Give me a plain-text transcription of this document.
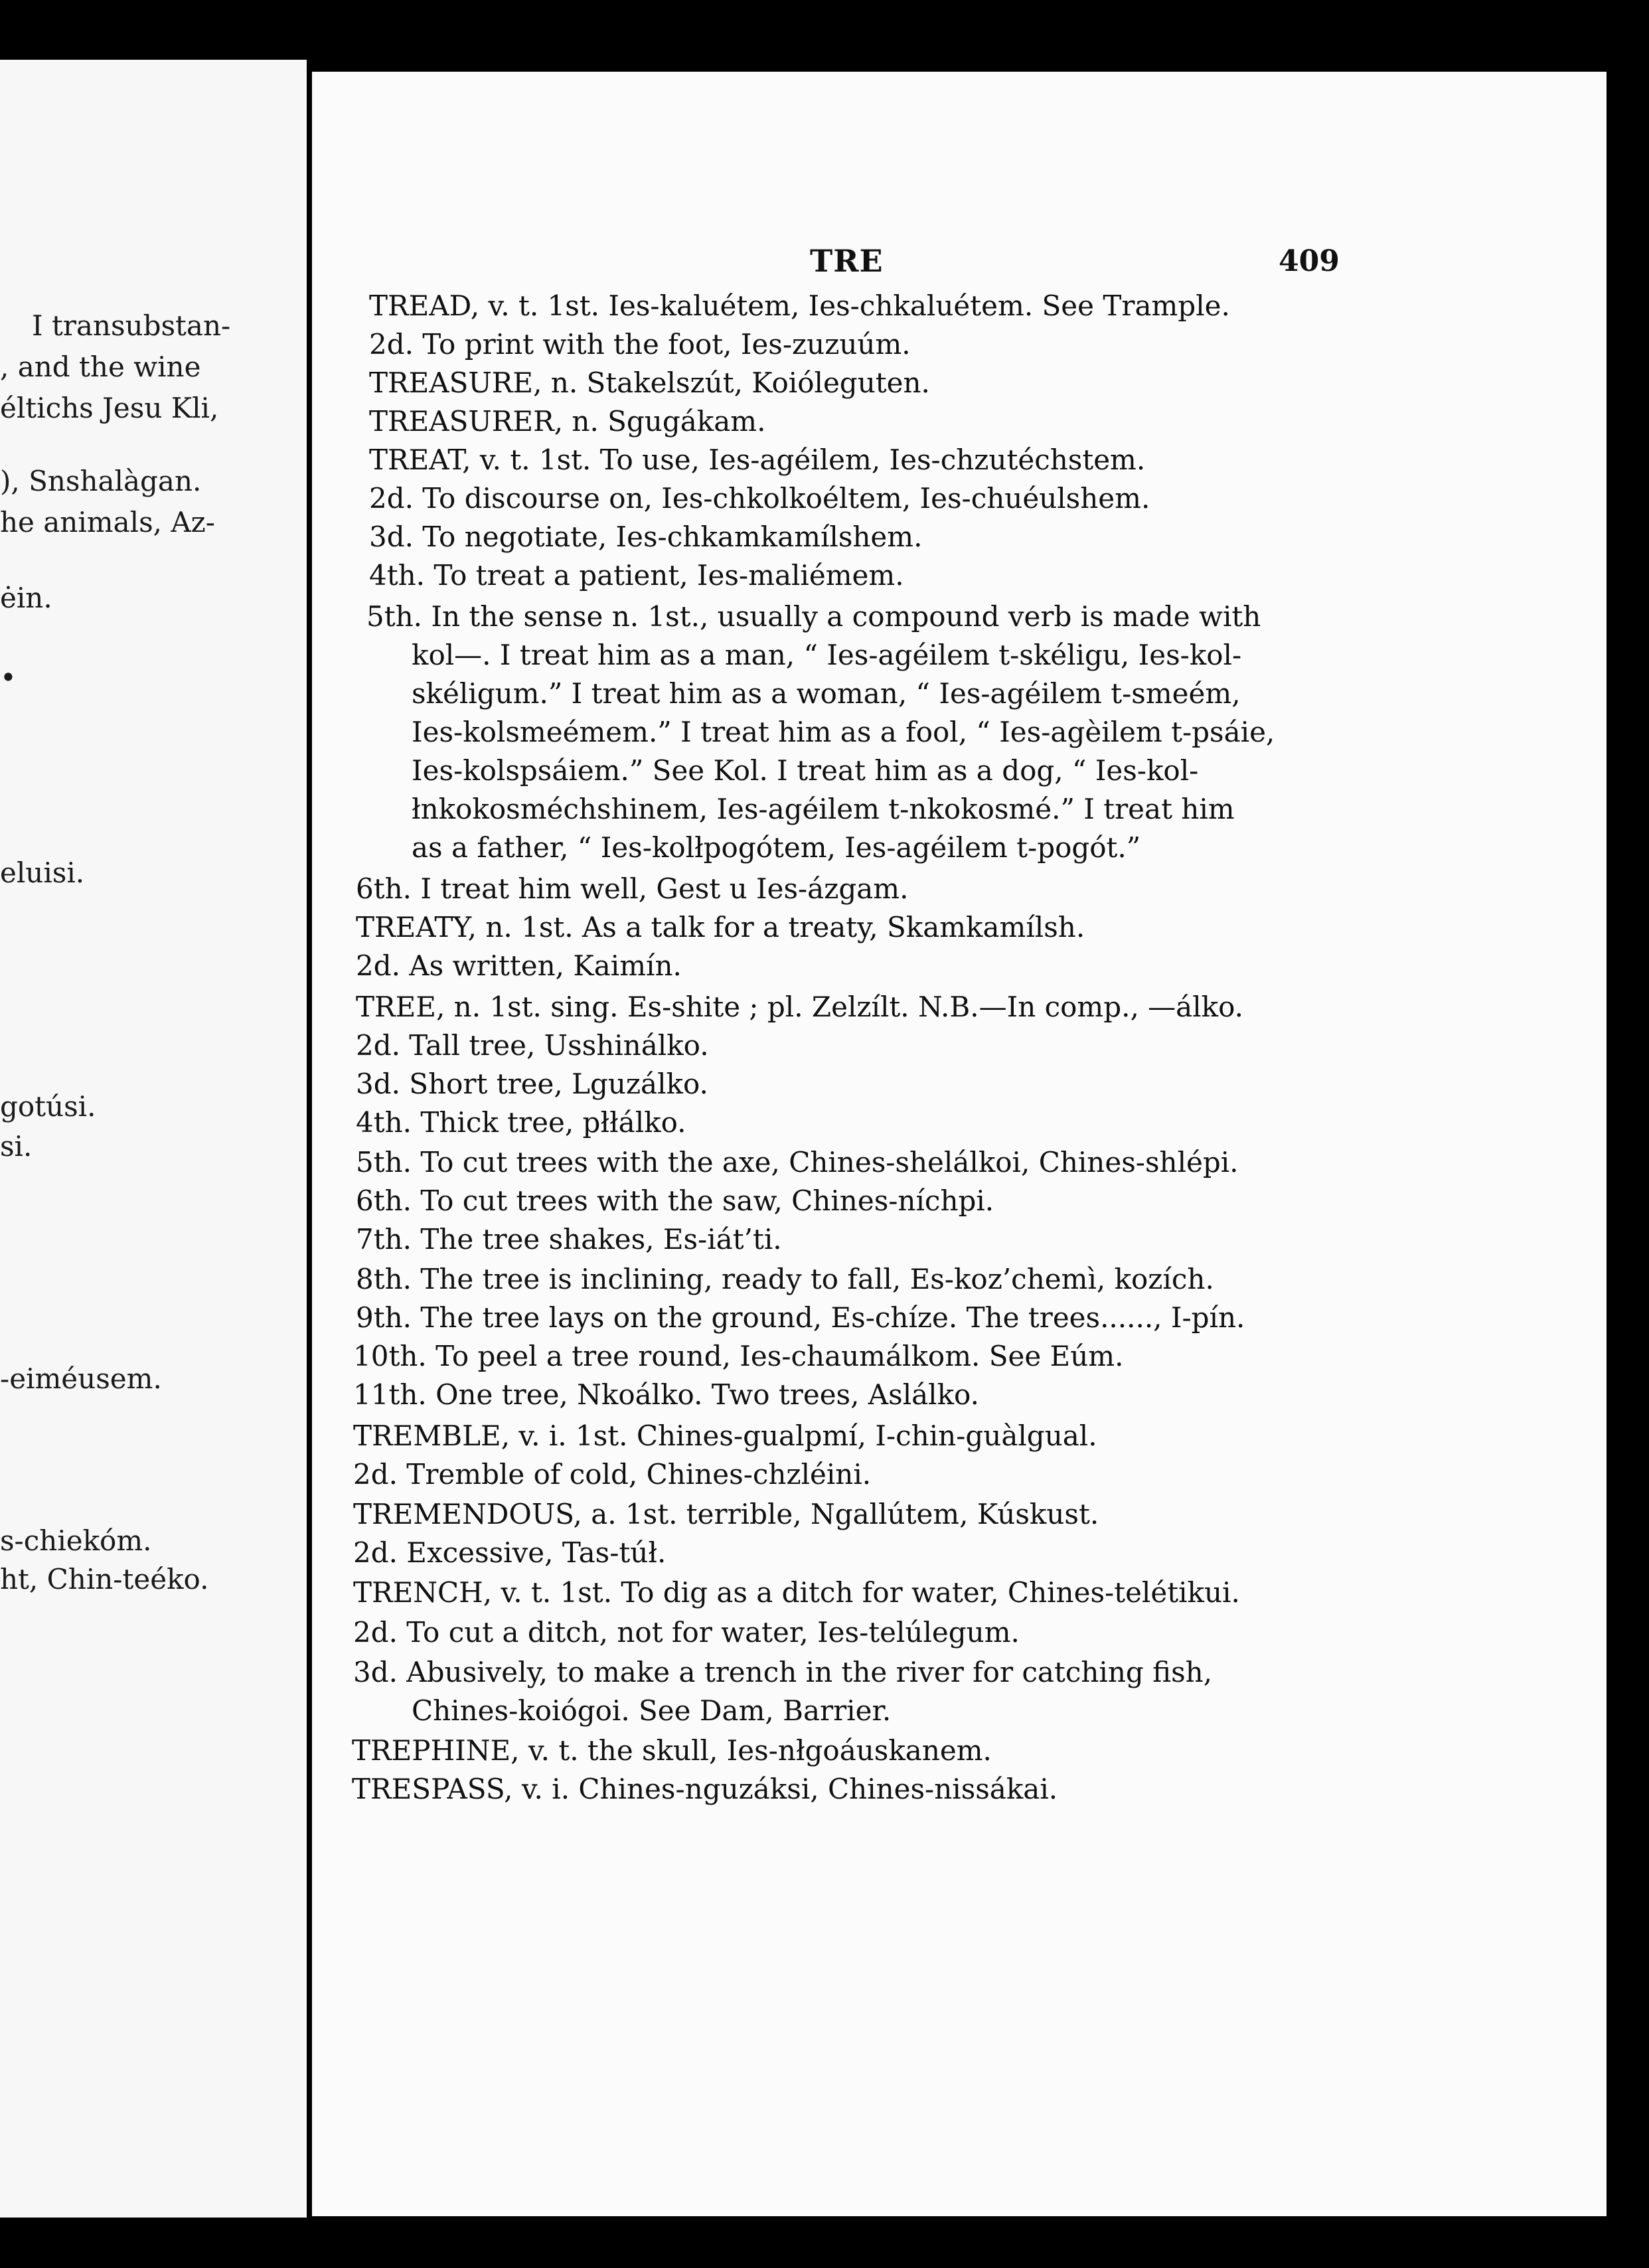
I transubstan-
, and the wine
éltichs Jesu Kli,
), Snshalàgan.
he animals, Az-
ėin.
•
eluisi.
gotúsi.
si.
-eiméusem.
s-chiekóm.
ht, Chin-teéko.
TRE	409
TREAD, v. t. 1st. Ies-kaluétem, Ies-chkaluétem. See Trample.
2d. To print with the foot, Ies-zuzuúm.
TREASURE, n. Stakelszút, Koióleguten.
TREASURER, n. Sgugákam.
TREAT, v. t. 1st. To use, Ies-agéilem, Ies-chzutéchstem.
2d. To discourse on, Ies-chkolkoéltem, Ies-chuéulshem.
3d. To negotiate, Ies-chkamkamílshem.
4th. To treat a patient, Ies-maliémem.
5th. In the sense n. 1st., usually a compound verb is made with
kol—. I treat him as a man, “ Ies-agéilem t-skéligu, Ies-kol-
skéligum.” I treat him as a woman, “ Ies-agéilem t-smeém,
Ies-kolsmeémem.” I treat him as a fool, “ Ies-agèilem t-psáie,
Ies-kolspsáiem.” See Kol. I treat him as a dog, “ Ies-kol-
łnkokosméchshinem, Ies-agéilem t-nkokosmé.” I treat him
as a father, “ Ies-kolłpogótem, Ies-agéilem t-pogót.”
6th. I treat him well, Gest u Ies-ázgam.
TREATY, n. 1st. As a talk for a treaty, Skamkamílsh.
2d. As written, Kaimín.
TREE, n. 1st. sing. Es-shite ; pl. Zelzílt. N.B.—In comp., —álko.
2d. Tall tree, Usshinálko.
3d. Short tree, Lguzálko.
4th. Thick tree, płłálko.
5th. To cut trees with the axe, Chines-shelálkoi, Chines-shlépi.
6th. To cut trees with the saw, Chines-níchpi.
7th. The tree shakes, Es-iát’ti.
8th. The tree is inclining, ready to fall, Es-koz’chemì, kozích.
9th. The tree lays on the ground, Es-chíze. The trees......, I-pín.
10th. To peel a tree round, Ies-chaumálkom. See Eúm.
11th. One tree, Nkoálko. Two trees, Aslálko.
TREMBLE, v. i. 1st. Chines-gualpmí, I-chin-guàlgual.
2d. Tremble of cold, Chines-chzléini.
TREMENDOUS, a. 1st. terrible, Ngallútem, Kúskust.
2d. Excessive, Tas-túł.
TRENCH, v. t. 1st. To dig as a ditch for water, Chines-telétikui.
2d. To cut a ditch, not for water, Ies-telúlegum.
3d. Abusively, to make a trench in the river for catching fish,
Chines-koiógoi. See Dam, Barrier.
TREPHINE, v. t. the skull, Ies-nłgoáuskanem.
TRESPASS, v. i. Chines-nguzáksi, Chines-nissákai.
